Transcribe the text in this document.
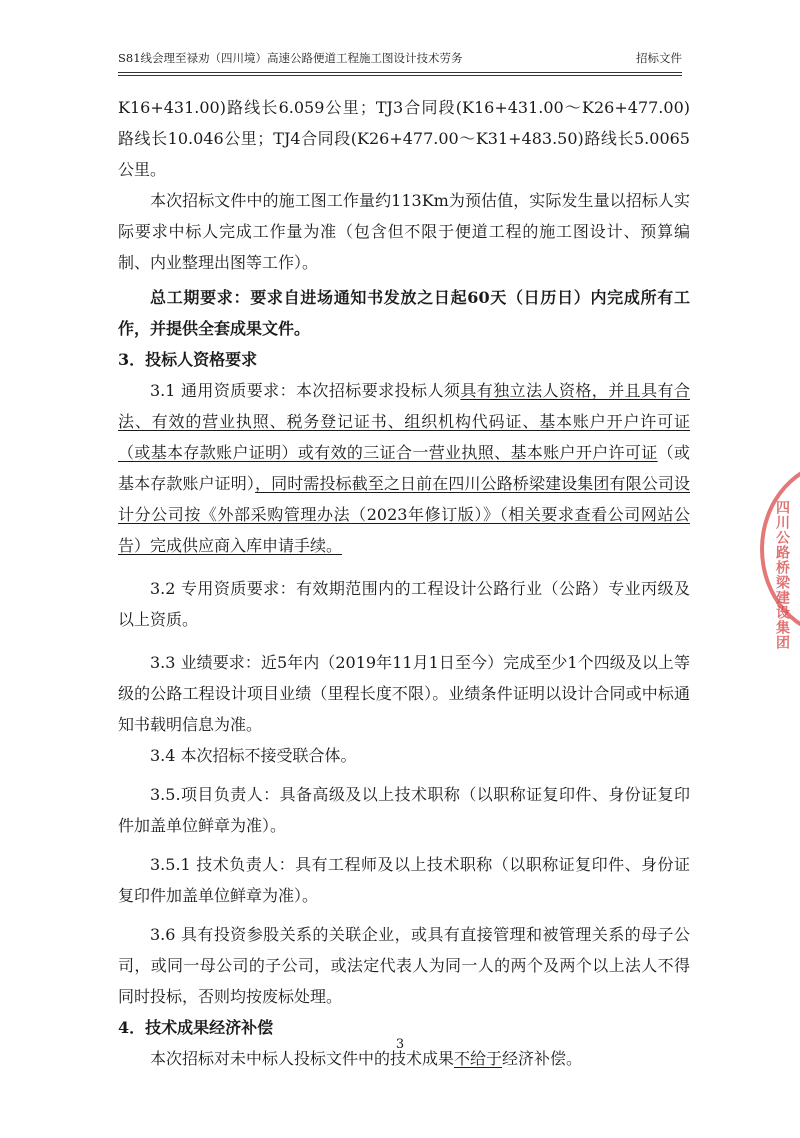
S81线会理至禄劝（四川境）高速公路便道工程施工图设计技术劳务	招标文件

K16+431.00)路线长6.059公里；TJ3合同段(K16+431.00～K26+477.00)路线长10.046公里；TJ4合同段(K26+477.00～K31+483.50)路线长5.0065公里。

本次招标文件中的施工图工作量约113Km为预估值，实际发生量以招标人实际要求中标人完成工作量为准（包含但不限于便道工程的施工图设计、预算编制、内业整理出图等工作）。

总工期要求：要求自进场通知书发放之日起60天（日历日）内完成所有工作，并提供全套成果文件。

3．投标人资格要求

3.1 通用资质要求：本次招标要求投标人须具有独立法人资格，并且具有合法、有效的营业执照、税务登记证书、组织机构代码证、基本账户开户许可证（或基本存款账户证明）或有效的三证合一营业执照、基本账户开户许可证（或基本存款账户证明），同时需投标截至之日前在四川公路桥梁建设集团有限公司设计分公司按《外部采购管理办法（2023年修订版）》（相关要求查看公司网站公告）完成供应商入库申请手续。

3.2 专用资质要求：有效期范围内的工程设计公路行业（公路）专业丙级及以上资质。

3.3 业绩要求：近5年内（2019年11月1日至今）完成至少1个四级及以上等级的公路工程设计项目业绩（里程长度不限）。业绩条件证明以设计合同或中标通知书载明信息为准。

3.4 本次招标不接受联合体。

3.5.项目负责人：具备高级及以上技术职称（以职称证复印件、身份证复印件加盖单位鲜章为准）。

3.5.1 技术负责人：具有工程师及以上技术职称（以职称证复印件、身份证复印件加盖单位鲜章为准）。

3.6 具有投资参股关系的关联企业，或具有直接管理和被管理关系的母子公司，或同一母公司的子公司，或法定代表人为同一人的两个及两个以上法人不得同时投标，否则均按废标处理。

4．技术成果经济补偿

本次招标对未中标人投标文件中的技术成果不给于经济补偿。

3
四川公路桥梁建设集团
